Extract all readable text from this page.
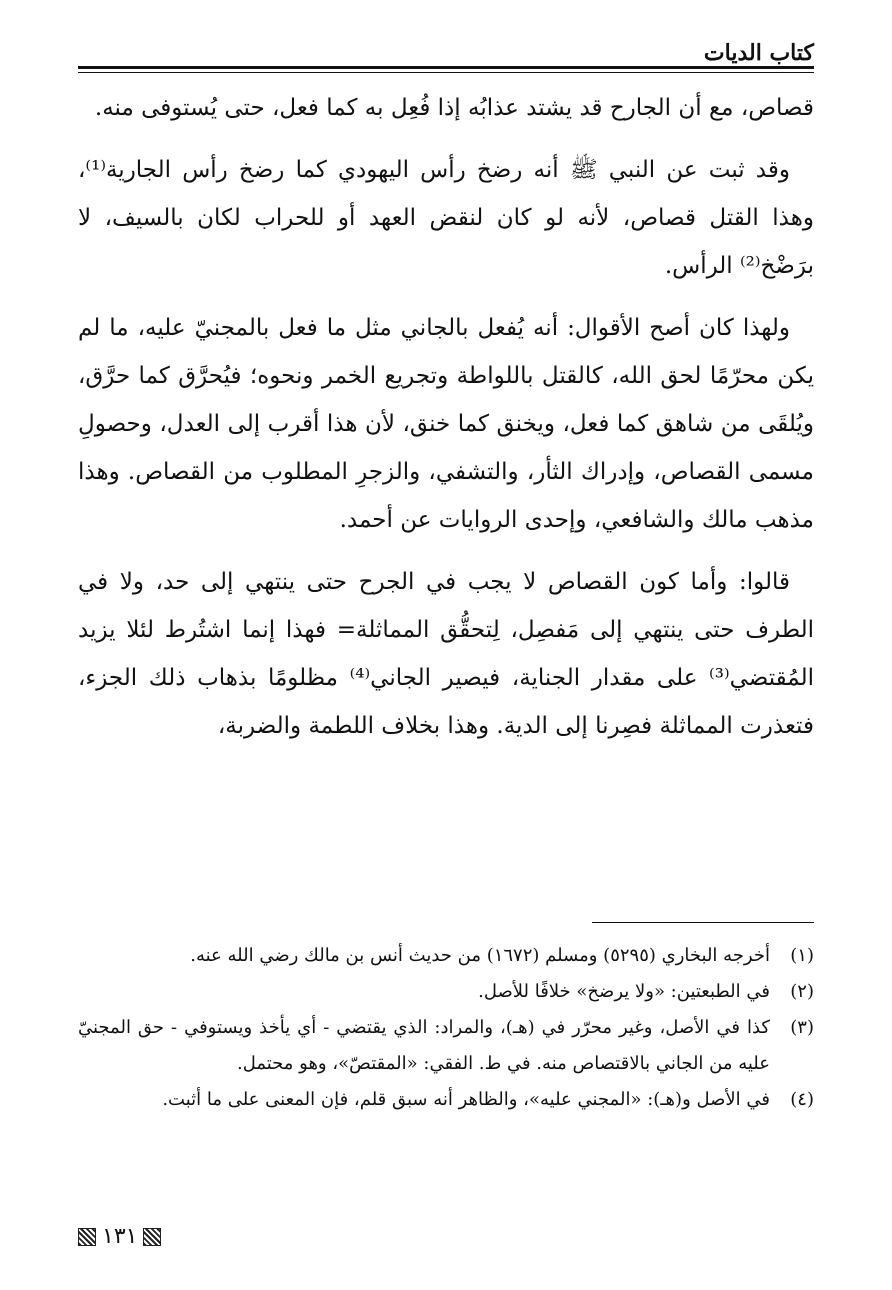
كتاب الديات

قصاص، مع أن الجارح قد يشتد عذابُه إذا فُعِل به كما فعل، حتى يُستوفى منه.

وقد ثبت عن النبي ﷺ أنه رضخ رأس اليهودي كما رضخ رأس الجارية⁽¹⁾، وهذا القتل قصاص، لأنه لو كان لنقض العهد أو للحراب لكان بالسيف، لا برَضْخ⁽²⁾ الرأس.

ولهذا كان أصح الأقوال: أنه يُفعل بالجاني مثل ما فعل بالمجنيّ عليه، ما لم يكن محرّمًا لحق الله، كالقتل باللواطة وتجريع الخمر ونحوه؛ فيُحرَّق كما حرَّق، ويُلقَى من شاهق كما فعل، ويخنق كما خنق، لأن هذا أقرب إلى العدل، وحصولِ مسمى القصاص، وإدراك الثأر، والتشفي، والزجرِ المطلوب من القصاص. وهذا مذهب مالك والشافعي، وإحدى الروايات عن أحمد.

قالوا: وأما كون القصاص لا يجب في الجرح حتى ينتهي إلى حد، ولا في الطرف حتى ينتهي إلى مَفصِل، لِتحقُّق المماثلة= فهذا إنما اشتُرط لئلا يزيد المُقتضي⁽³⁾ على مقدار الجناية، فيصير الجاني⁽⁴⁾ مظلومًا بذهاب ذلك الجزء، فتعذرت المماثلة فصِرنا إلى الدية. وهذا بخلاف اللطمة والضربة،

(١)
أخرجه البخاري (٥٢٩٥) ومسلم (١٦٧٢) من حديث أنس بن مالك رضي الله عنه.
(٢)
في الطبعتين: «ولا يرضخ» خلافًا للأصل.
(٣)
كذا في الأصل، وغير محرّر في (هـ)، والمراد: الذي يقتضي - أي يأخذ ويستوفي - حق المجنيّ عليه من الجاني بالاقتصاص منه. في ط. الفقي: «المقتصّ»، وهو محتمل.
(٤)
في الأصل و(هـ): «المجني عليه»، والظاهر أنه سبق قلم، فإن المعنى على ما أثبت.
١٣١
